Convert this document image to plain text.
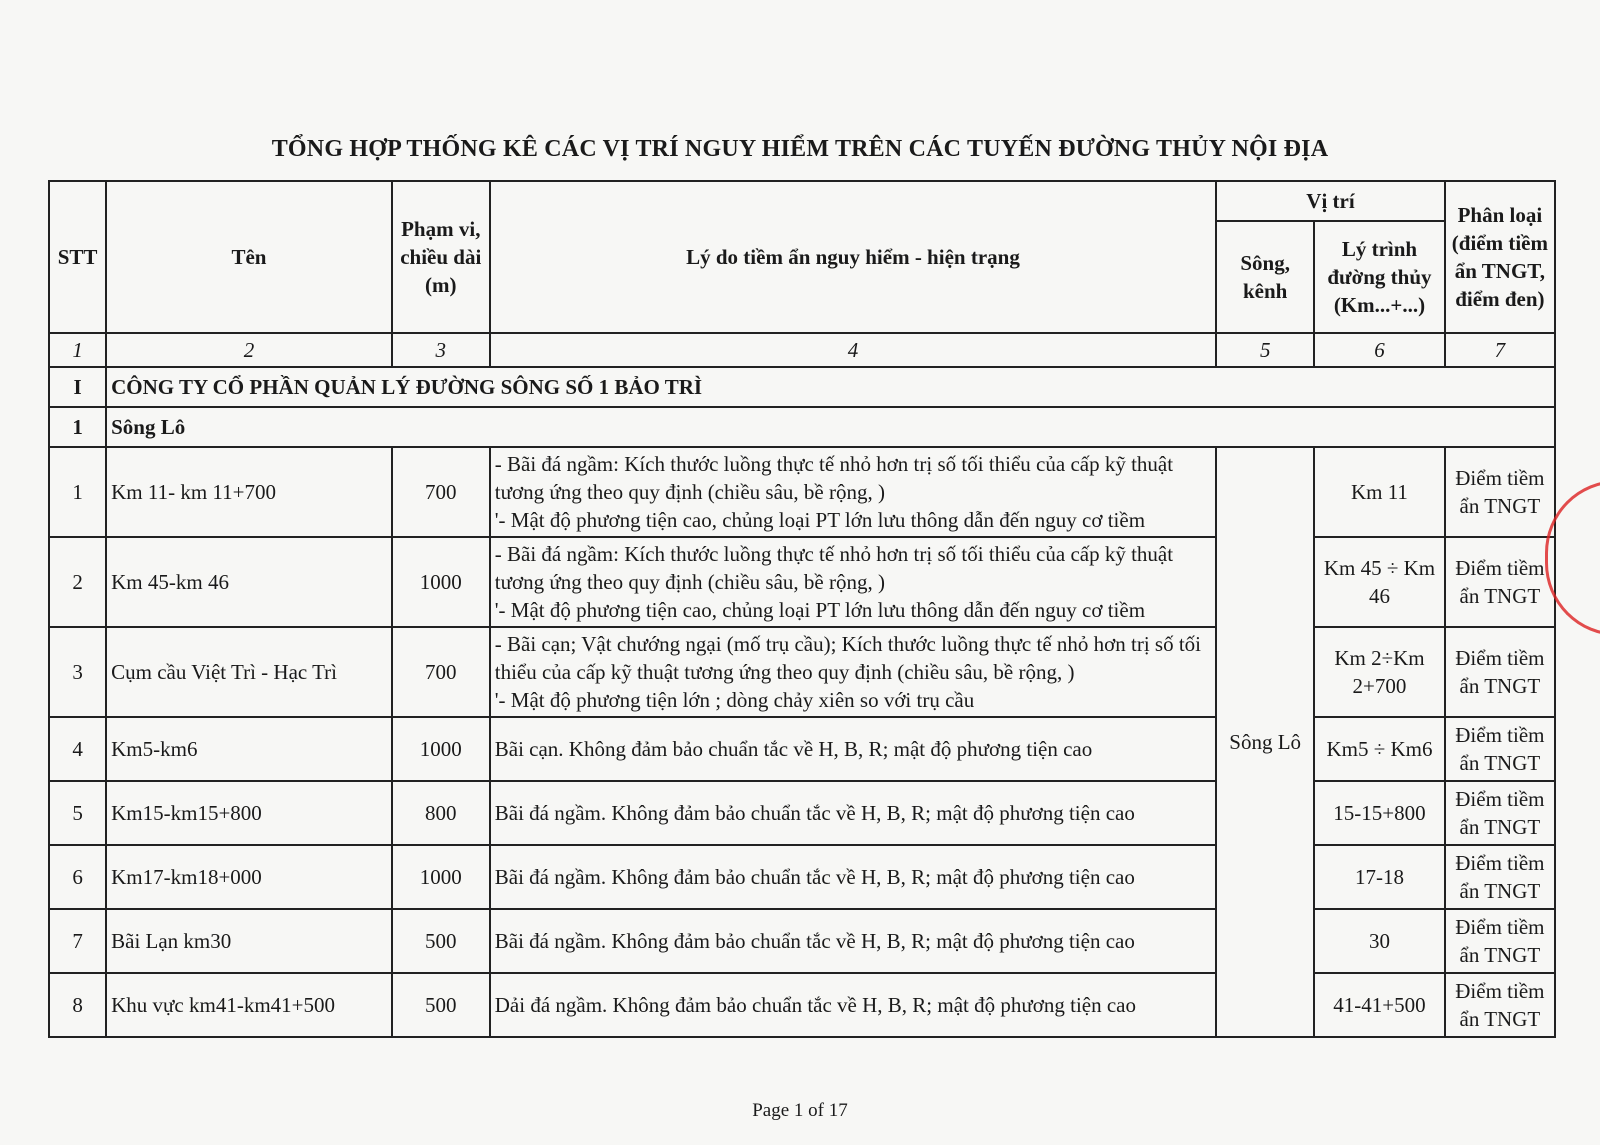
TỔNG HỢP THỐNG KÊ CÁC VỊ TRÍ NGUY HIỂM TRÊN CÁC TUYẾN ĐƯỜNG THỦY NỘI ĐỊA
STT	Tên	Phạm vi, chiều dài (m)	Lý do tiềm ẩn nguy hiểm - hiện trạng	Vị trí		Phân loại (điểm tiềm ẩn TNGT, điểm đen)
				Sông, kênh	Lý trình đường thủy (Km...+...)	
1	2	3	4	5	6	7
I	CÔNG TY CỔ PHẦN QUẢN LÝ ĐƯỜNG SÔNG SỐ 1 BẢO TRÌ					
1	Sông Lô					
1	Km 11- km 11+700	700	- Bãi đá ngầm: Kích thước luồng thực tế nhỏ hơn trị số tối thiểu của cấp kỹ thuật tương ứng theo quy định (chiều sâu, bề rộng, )
'- Mật độ phương tiện cao, chủng loại PT lớn lưu thông dẫn đến nguy cơ tiềm	Sông Lô	Km 11	Điểm tiềm ẩn TNGT
2	Km 45-km 46	1000	- Bãi đá ngầm: Kích thước luồng thực tế nhỏ hơn trị số tối thiểu của cấp kỹ thuật tương ứng theo quy định (chiều sâu, bề rộng, )
'- Mật độ phương tiện cao, chủng loại PT lớn lưu thông dẫn đến nguy cơ tiềm		Km 45 ÷ Km 46	Điểm tiềm ẩn TNGT
3	Cụm cầu Việt Trì - Hạc Trì	700	- Bãi cạn; Vật chướng ngại (mố trụ cầu); Kích thước luồng thực tế nhỏ hơn trị số tối thiểu của cấp kỹ thuật tương ứng theo quy định (chiều sâu, bề rộng, )
'- Mật độ phương tiện lớn ; dòng chảy xiên so với trụ cầu		Km 2÷Km 2+700	Điểm tiềm ẩn TNGT
4	Km5-km6	1000	Bãi cạn. Không đảm bảo chuẩn tắc về H, B, R; mật độ phương tiện cao		Km5 ÷ Km6	Điểm tiềm ẩn TNGT
5	Km15-km15+800	800	Bãi đá ngầm. Không đảm bảo chuẩn tắc về H, B, R; mật độ phương tiện cao		15-15+800	Điểm tiềm ẩn TNGT
6	Km17-km18+000	1000	Bãi đá ngầm. Không đảm bảo chuẩn tắc về H, B, R; mật độ phương tiện cao		17-18	Điểm tiềm ẩn TNGT
7	Bãi Lạn km30	500	Bãi đá ngầm. Không đảm bảo chuẩn tắc về H, B, R; mật độ phương tiện cao		30	Điểm tiềm ẩn TNGT
8	Khu vực km41-km41+500	500	Dải đá ngầm. Không đảm bảo chuẩn tắc về H, B, R; mật độ phương tiện cao		41-41+500	Điểm tiềm ẩn TNGT
Page 1 of 17
